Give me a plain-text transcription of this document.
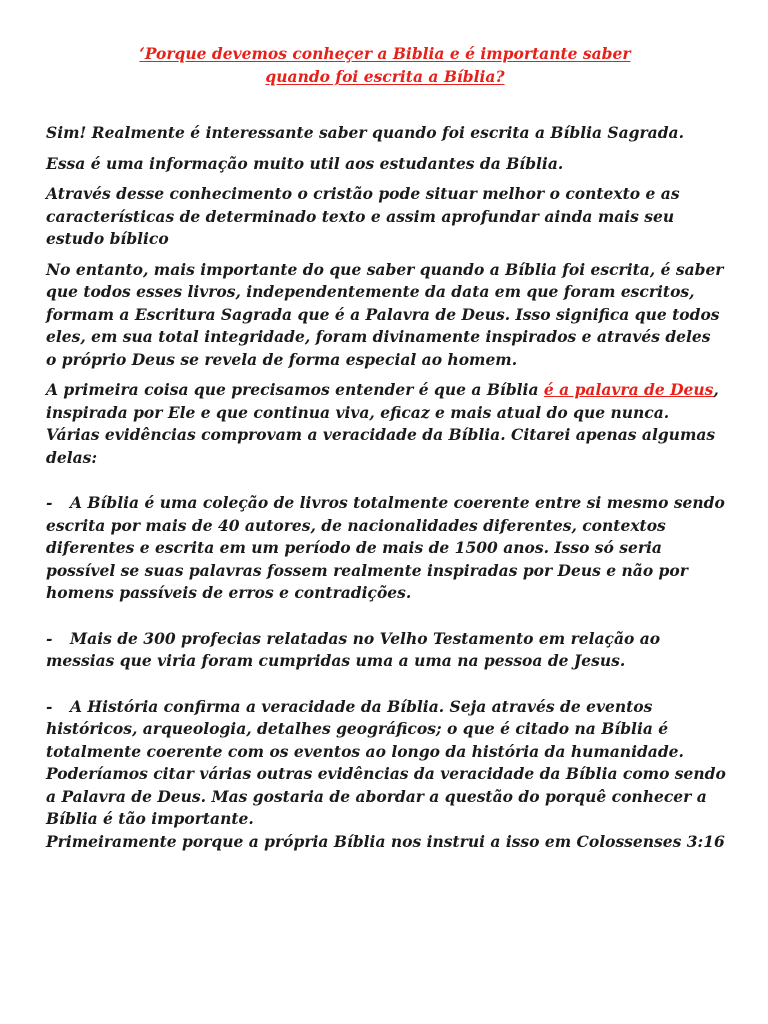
‘Porque devemos conheçer a Biblia e é importante saber
quando foi escrita a Bíblia?

Sim! Realmente é interessante saber quando foi escrita a Bíblia Sagrada.

Essa é uma informação muito util aos estudantes da Bíblia.

Através desse conhecimento o cristão pode situar melhor o contexto e as características de determinado texto e assim aprofundar ainda mais seu estudo bíblico

No entanto, mais importante do que saber quando a Bíblia foi escrita, é saber que todos esses livros, independentemente da data em que foram escritos, formam a Escritura Sagrada que é a Palavra de Deus. Isso significa que todos eles, em sua total integridade, foram divinamente inspirados e através deles o próprio Deus se revela de forma especial ao homem.

A primeira coisa que precisamos entender é que a Bíblia é a palavra de Deus, inspirada por Ele e que continua viva, eficaz e mais atual do que nunca. Várias evidências comprovam a veracidade da Bíblia. Citarei apenas algumas delas:

- A Bíblia é uma coleção de livros totalmente coerente entre si mesmo sendo escrita por mais de 40 autores, de nacionalidades diferentes, contextos diferentes e escrita em um período de mais de 1500 anos. Isso só seria possível se suas palavras fossem realmente inspiradas por Deus e não por homens passíveis de erros e contradições.

- Mais de 300 profecias relatadas no Velho Testamento em relação ao messias que viria foram cumpridas uma a uma na pessoa de Jesus.

- A História confirma a veracidade da Bíblia. Seja através de eventos históricos, arqueologia, detalhes geográficos; o que é citado na Bíblia é totalmente coerente com os eventos ao longo da história da humanidade.

Poderíamos citar várias outras evidências da veracidade da Bíblia como sendo a Palavra de Deus. Mas gostaria de abordar a questão do porquê conhecer a Bíblia é tão importante.

Primeiramente porque a própria Bíblia nos instrui a isso em Colossenses 3:16
